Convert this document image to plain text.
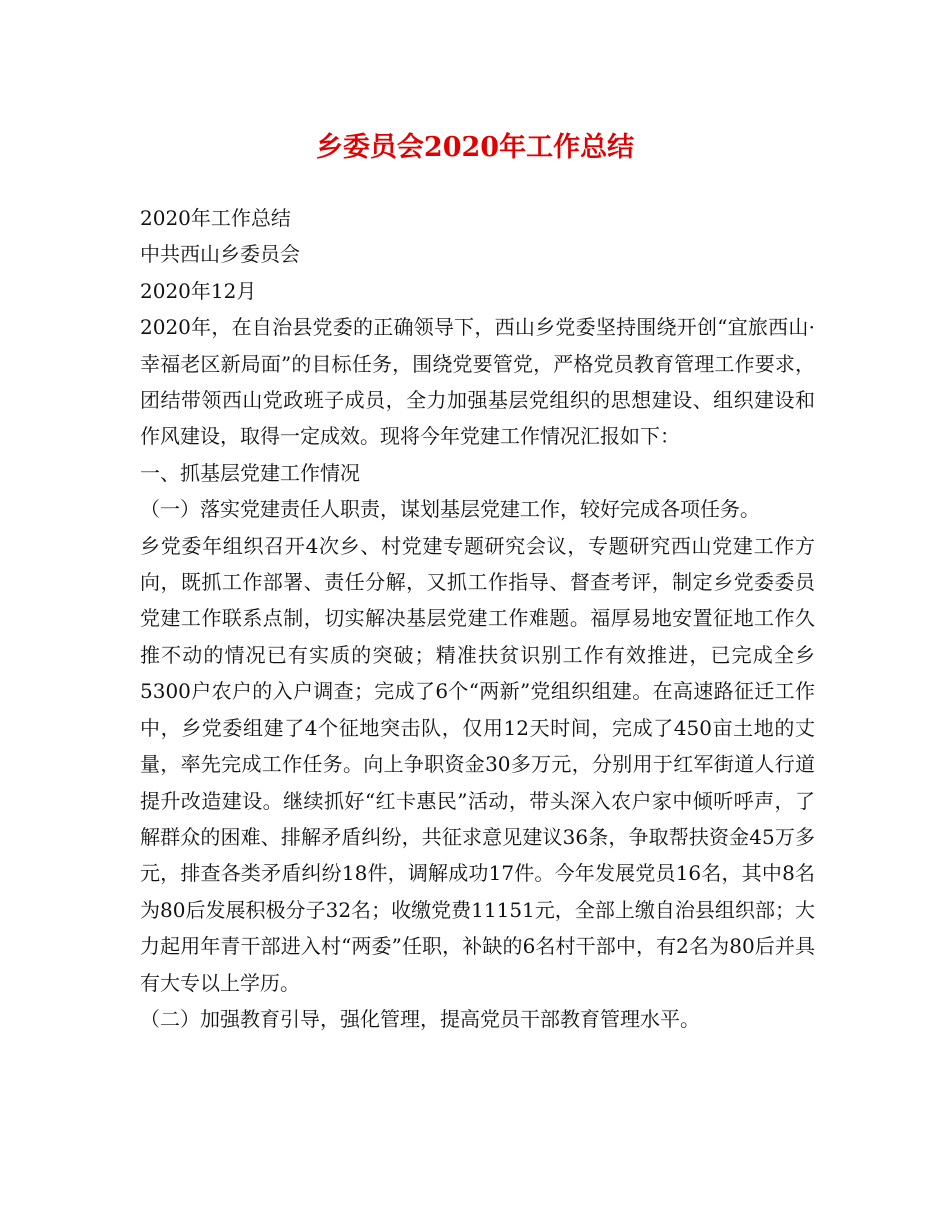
乡委员会2020年工作总结
2020年工作总结
中共西山乡委员会
2020年12月
2020年，在自治县党委的正确领导下，西山乡党委坚持围绕开创“宜旅西山·幸福老区新局面”的目标任务，围绕党要管党，严格党员教育管理工作要求，团结带领西山党政班子成员，全力加强基层党组织的思想建设、组织建设和作风建设，取得一定成效。现将今年党建工作情况汇报如下：
一、抓基层党建工作情况
（一）落实党建责任人职责，谋划基层党建工作，较好完成各项任务。
乡党委年组织召开4次乡、村党建专题研究会议，专题研究西山党建工作方向，既抓工作部署、责任分解，又抓工作指导、督查考评，制定乡党委委员党建工作联系点制，切实解决基层党建工作难题。福厚易地安置征地工作久推不动的情况已有实质的突破；精准扶贫识别工作有效推进，已完成全乡5300户农户的入户调查；完成了6个“两新”党组织组建。在高速路征迁工作中，乡党委组建了4个征地突击队，仅用12天时间，完成了450亩土地的丈量，率先完成工作任务。向上争职资金30多万元，分别用于红军街道人行道提升改造建设。继续抓好“红卡惠民”活动，带头深入农户家中倾听呼声，了解群众的困难、排解矛盾纠纷，共征求意见建议36条，争取帮扶资金45万多元，排查各类矛盾纠纷18件，调解成功17件。今年发展党员16名，其中8名为80后发展积极分子32名；收缴党费11151元，全部上缴自治县组织部；大力起用年青干部进入村“两委”任职，补缺的6名村干部中，有2名为80后并具有大专以上学历。
（二）加强教育引导，强化管理，提高党员干部教育管理水平。
